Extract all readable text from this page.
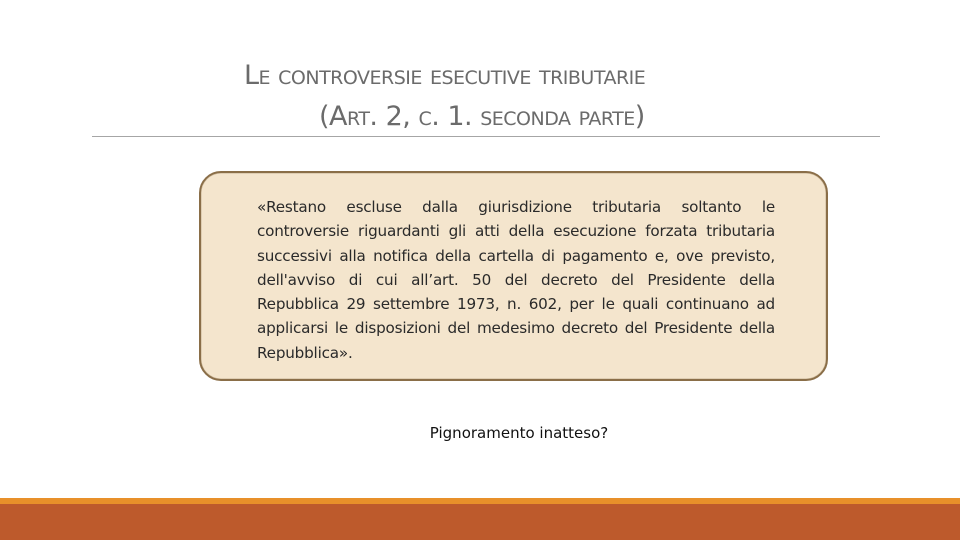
Le controversie esecutive tributarie
(Art. 2, c. 1. seconda parte)

«Restano escluse dalla giurisdizione tributaria soltanto le controversie riguardanti gli atti della esecuzione forzata tributaria successivi alla notifica della cartella di pagamento e, ove previsto, dell'avviso di cui all’art. 50 del decreto del Presidente della Repubblica 29 settembre 1973, n. 602, per le quali continuano ad applicarsi le disposizioni del medesimo decreto del Presidente della Repubblica».

Pignoramento inatteso?
